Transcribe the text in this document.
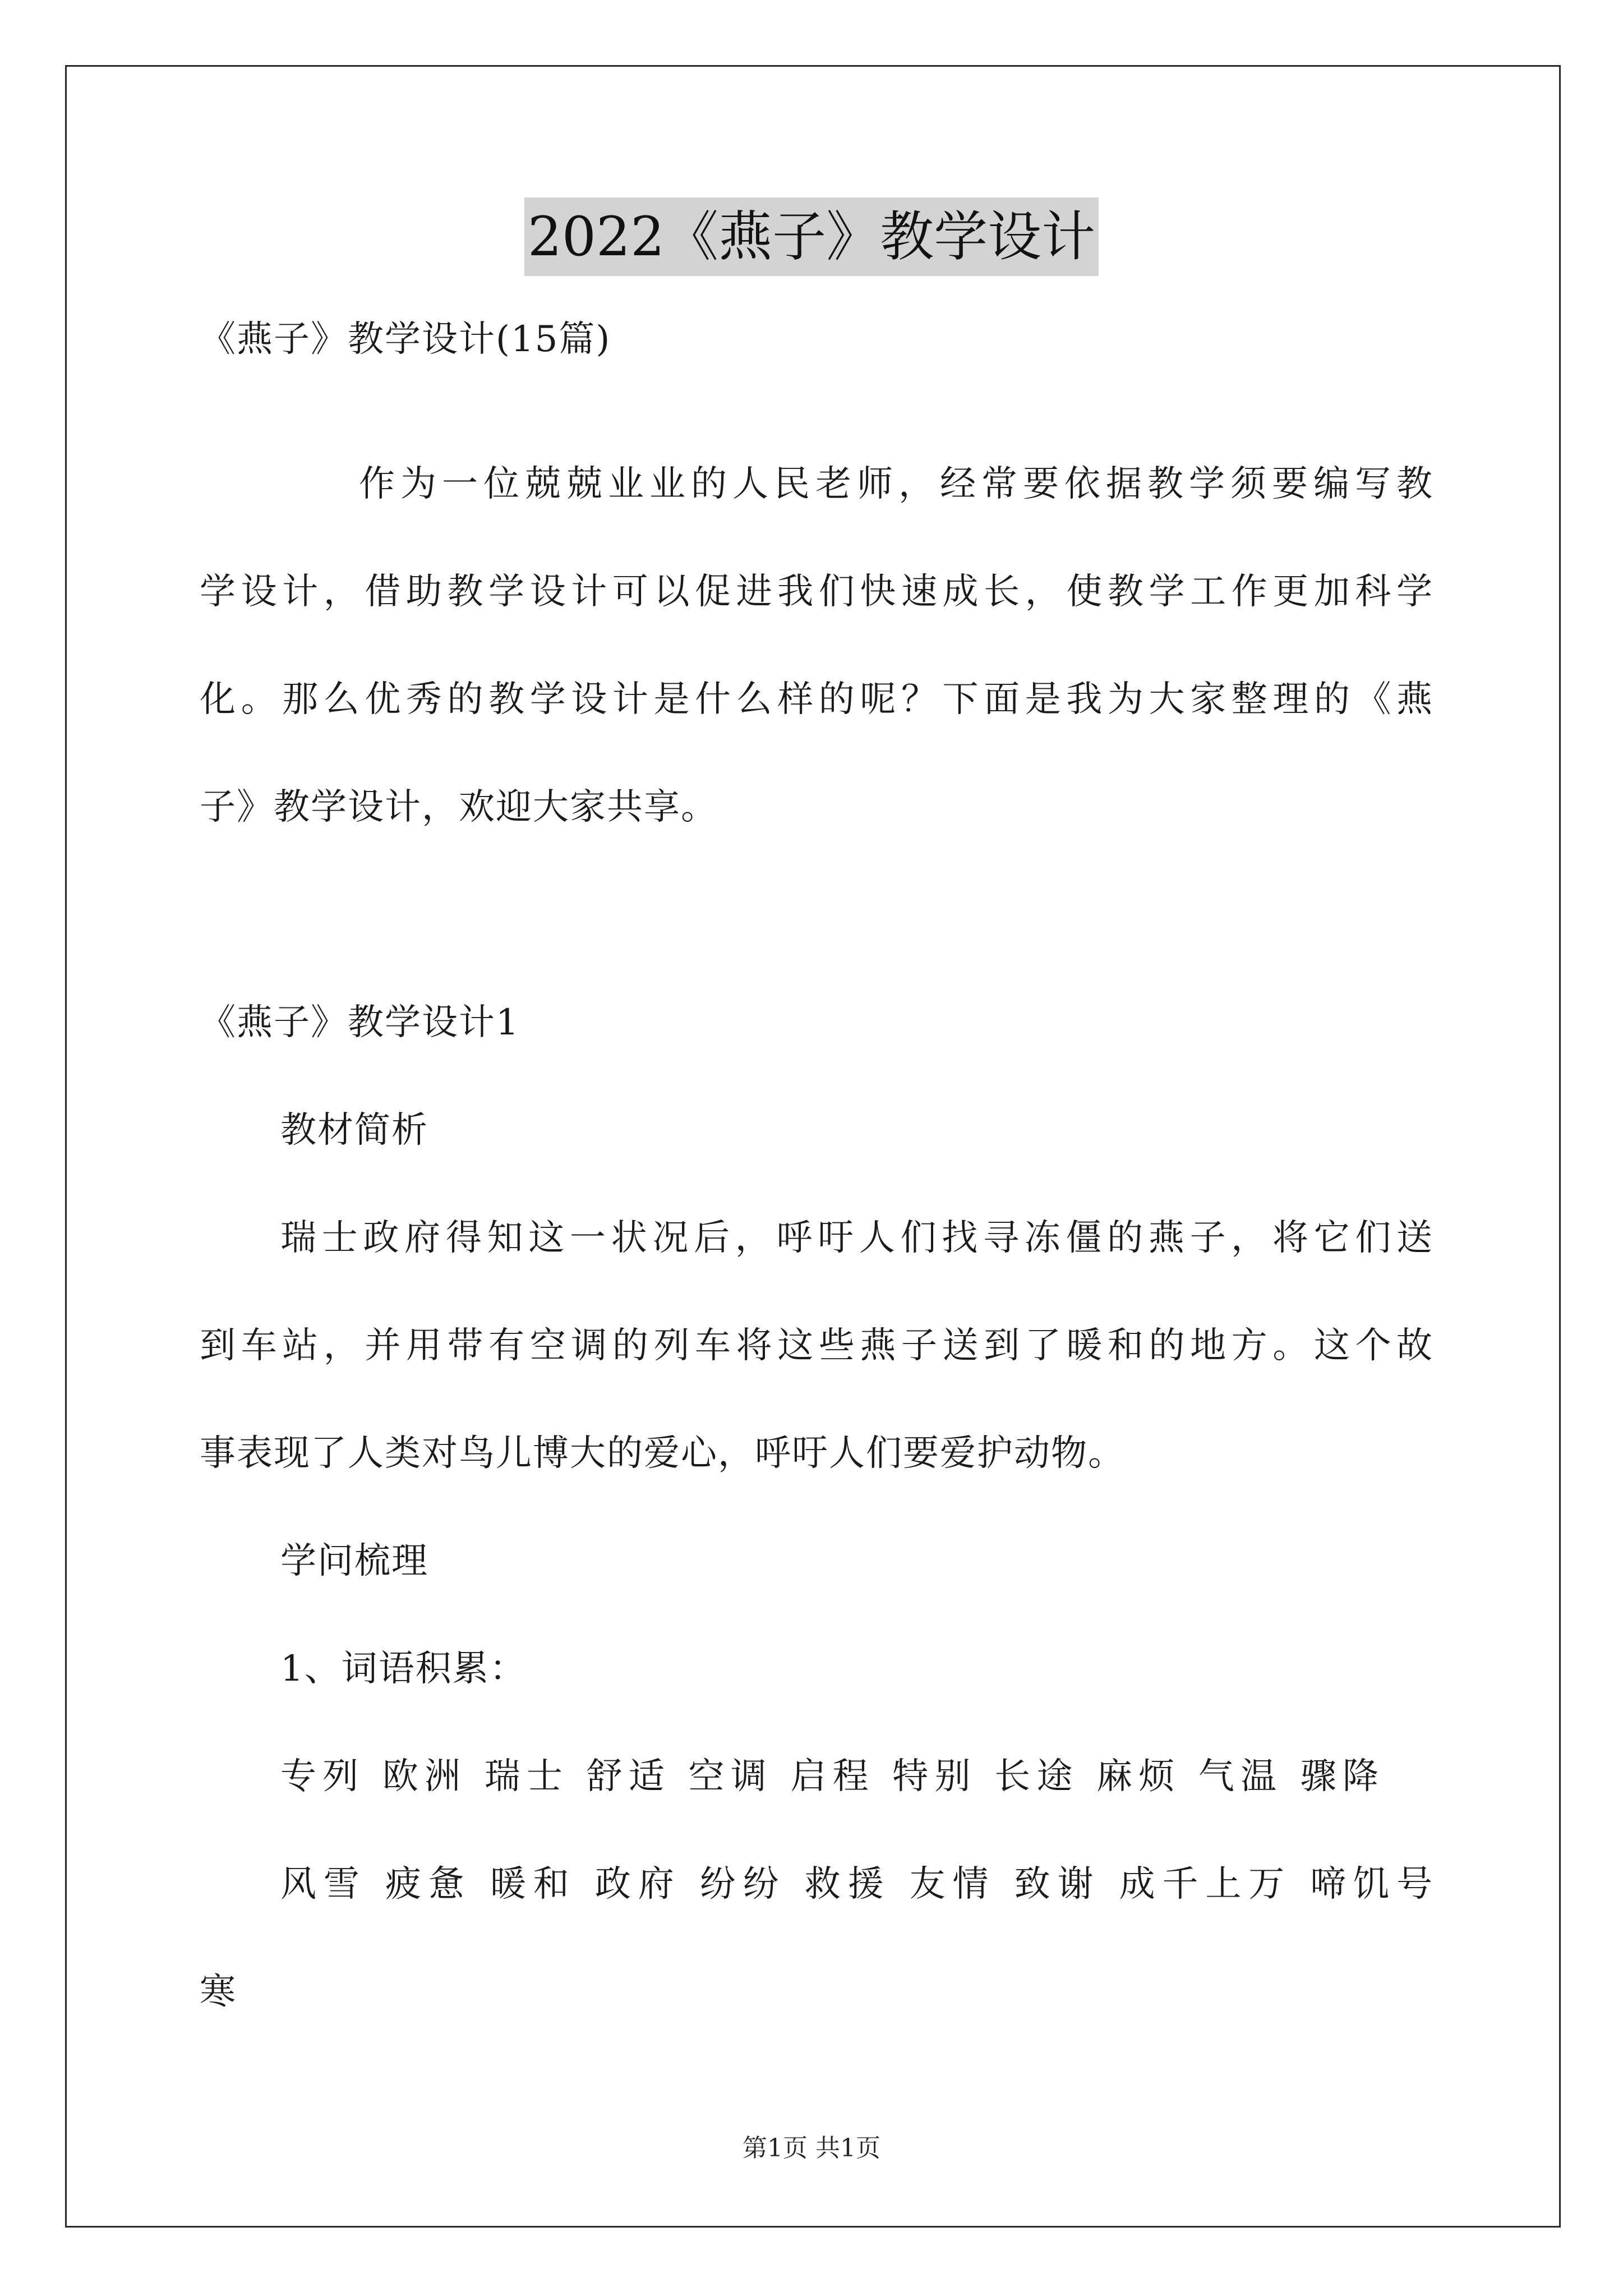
2022《燕子》教学设计
《燕子》教学设计(15篇)
作为一位兢兢业业的人民老师，经常要依据教学须要编写教
学设计，借助教学设计可以促进我们快速成长，使教学工作更加科学
化。那么优秀的教学设计是什么样的呢？下面是我为大家整理的《燕
子》教学设计，欢迎大家共享。
《燕子》教学设计1
教材简析
瑞士政府得知这一状况后，呼吁人们找寻冻僵的燕子，将它们送
到车站，并用带有空调的列车将这些燕子送到了暖和的地方。这个故
事表现了人类对鸟儿博大的爱心，呼吁人们要爱护动物。
学问梳理
1、词语积累：
专列 欧洲 瑞士 舒适 空调 启程 特别 长途 麻烦 气温 骤降
风雪 疲惫 暖和 政府 纷纷 救援 友情 致谢 成千上万 啼饥号
寒
第1页 共1页
